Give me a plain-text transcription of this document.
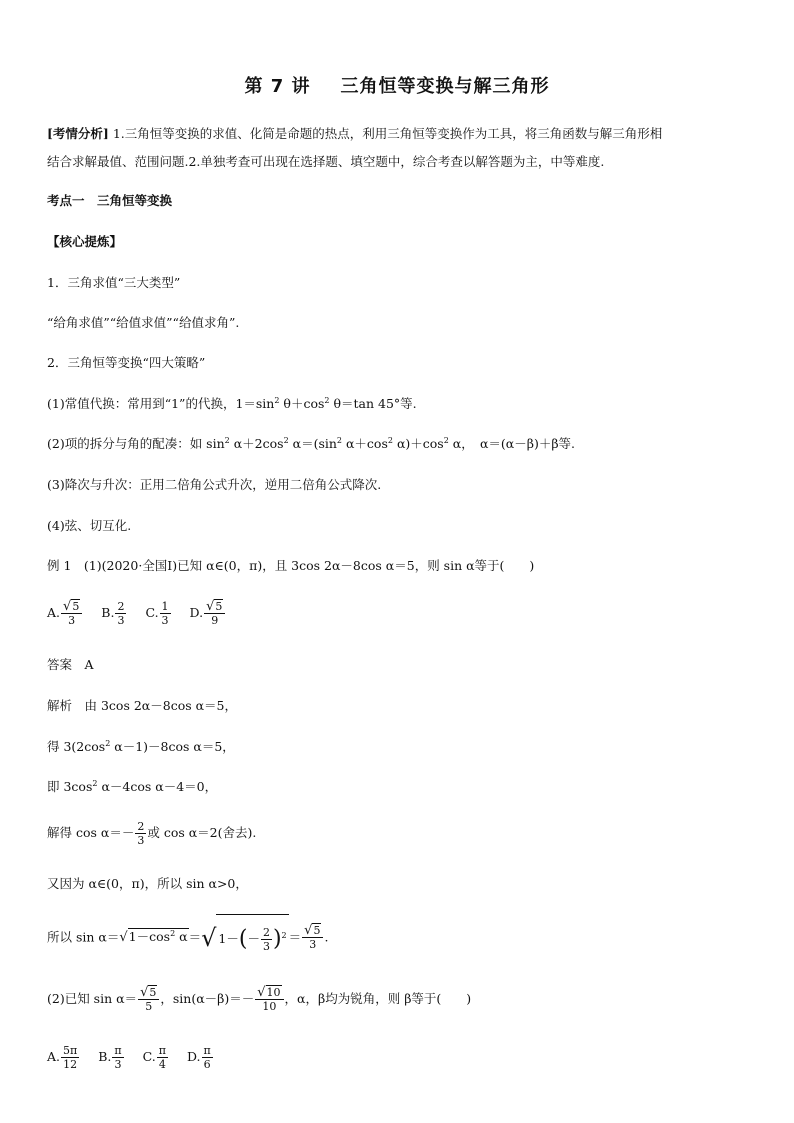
第 7 讲 三角恒等变换与解三角形
[考情分析] 1.三角恒等变换的求值、化简是命题的热点，利用三角恒等变换作为工具，将三角函数与解三角形相
结合求解最值、范围问题.2.单独考查可出现在选择题、填空题中，综合考查以解答题为主，中等难度.
考点一　三角恒等变换
【核心提炼】
1．三角求值“三大类型”
“给角求值”“给值求值”“给值求角”.
2．三角恒等变换“四大策略”
(1)常值代换：常用到“1”的代换，$1=\sin^2$ $\theta+\cos^2$ θ＝tan 45°等.
(2)项的拆分与角的配凑：如 $\sin^2 \alpha+2\cos^2$ $\alpha=(\sin^2$ $\alpha+\cos^2$ $\alpha)+\cos^2$ α，　α＝(α－β)＋β等.
(3)降次与升次：正用二倍角公式升次，逆用二倍角公式降次.
(4)弦、切互化.
例 1　(1)(2020·全国Ⅰ)已知 α∈(0，π)，且 3cos 2α－8cos α＝5，则 sin α等于(　　)
A. $\frac{√5}{3} B$. $\frac{2}{3} C$. $\frac{1}{3} D$. $\frac{√5}{9}$
答案　A
解析　由 3cos 2α－8cos α＝5，
得 $3(2\cos^2$ α－1)－8cos α＝5，
即 $3\cos^2$ α－4cos α－4＝0，
解得 $\cos \alpha=- \frac{2}{3}$ 或 cos α＝2(舍去).
又因为 α∈(0，π)，所以 sin α>0，
所以 $\sin \alpha=√1-\cos^2$ α＝√ $1-(- \frac{2}{3} )^2 = \frac{√5}{3}$ .
(2)已知 $\sin \alpha= \frac{√5}{5}$ ，$\sin(\alpha-\beta)=- \frac{√10}{10}$ ，α，β均为锐角，则 β等于(　　)
A. $\frac{5\pi}{12} B$. $\frac{\pi}{3} C$. $\frac{\pi}{4} D$. $\frac{\pi}{6}$
